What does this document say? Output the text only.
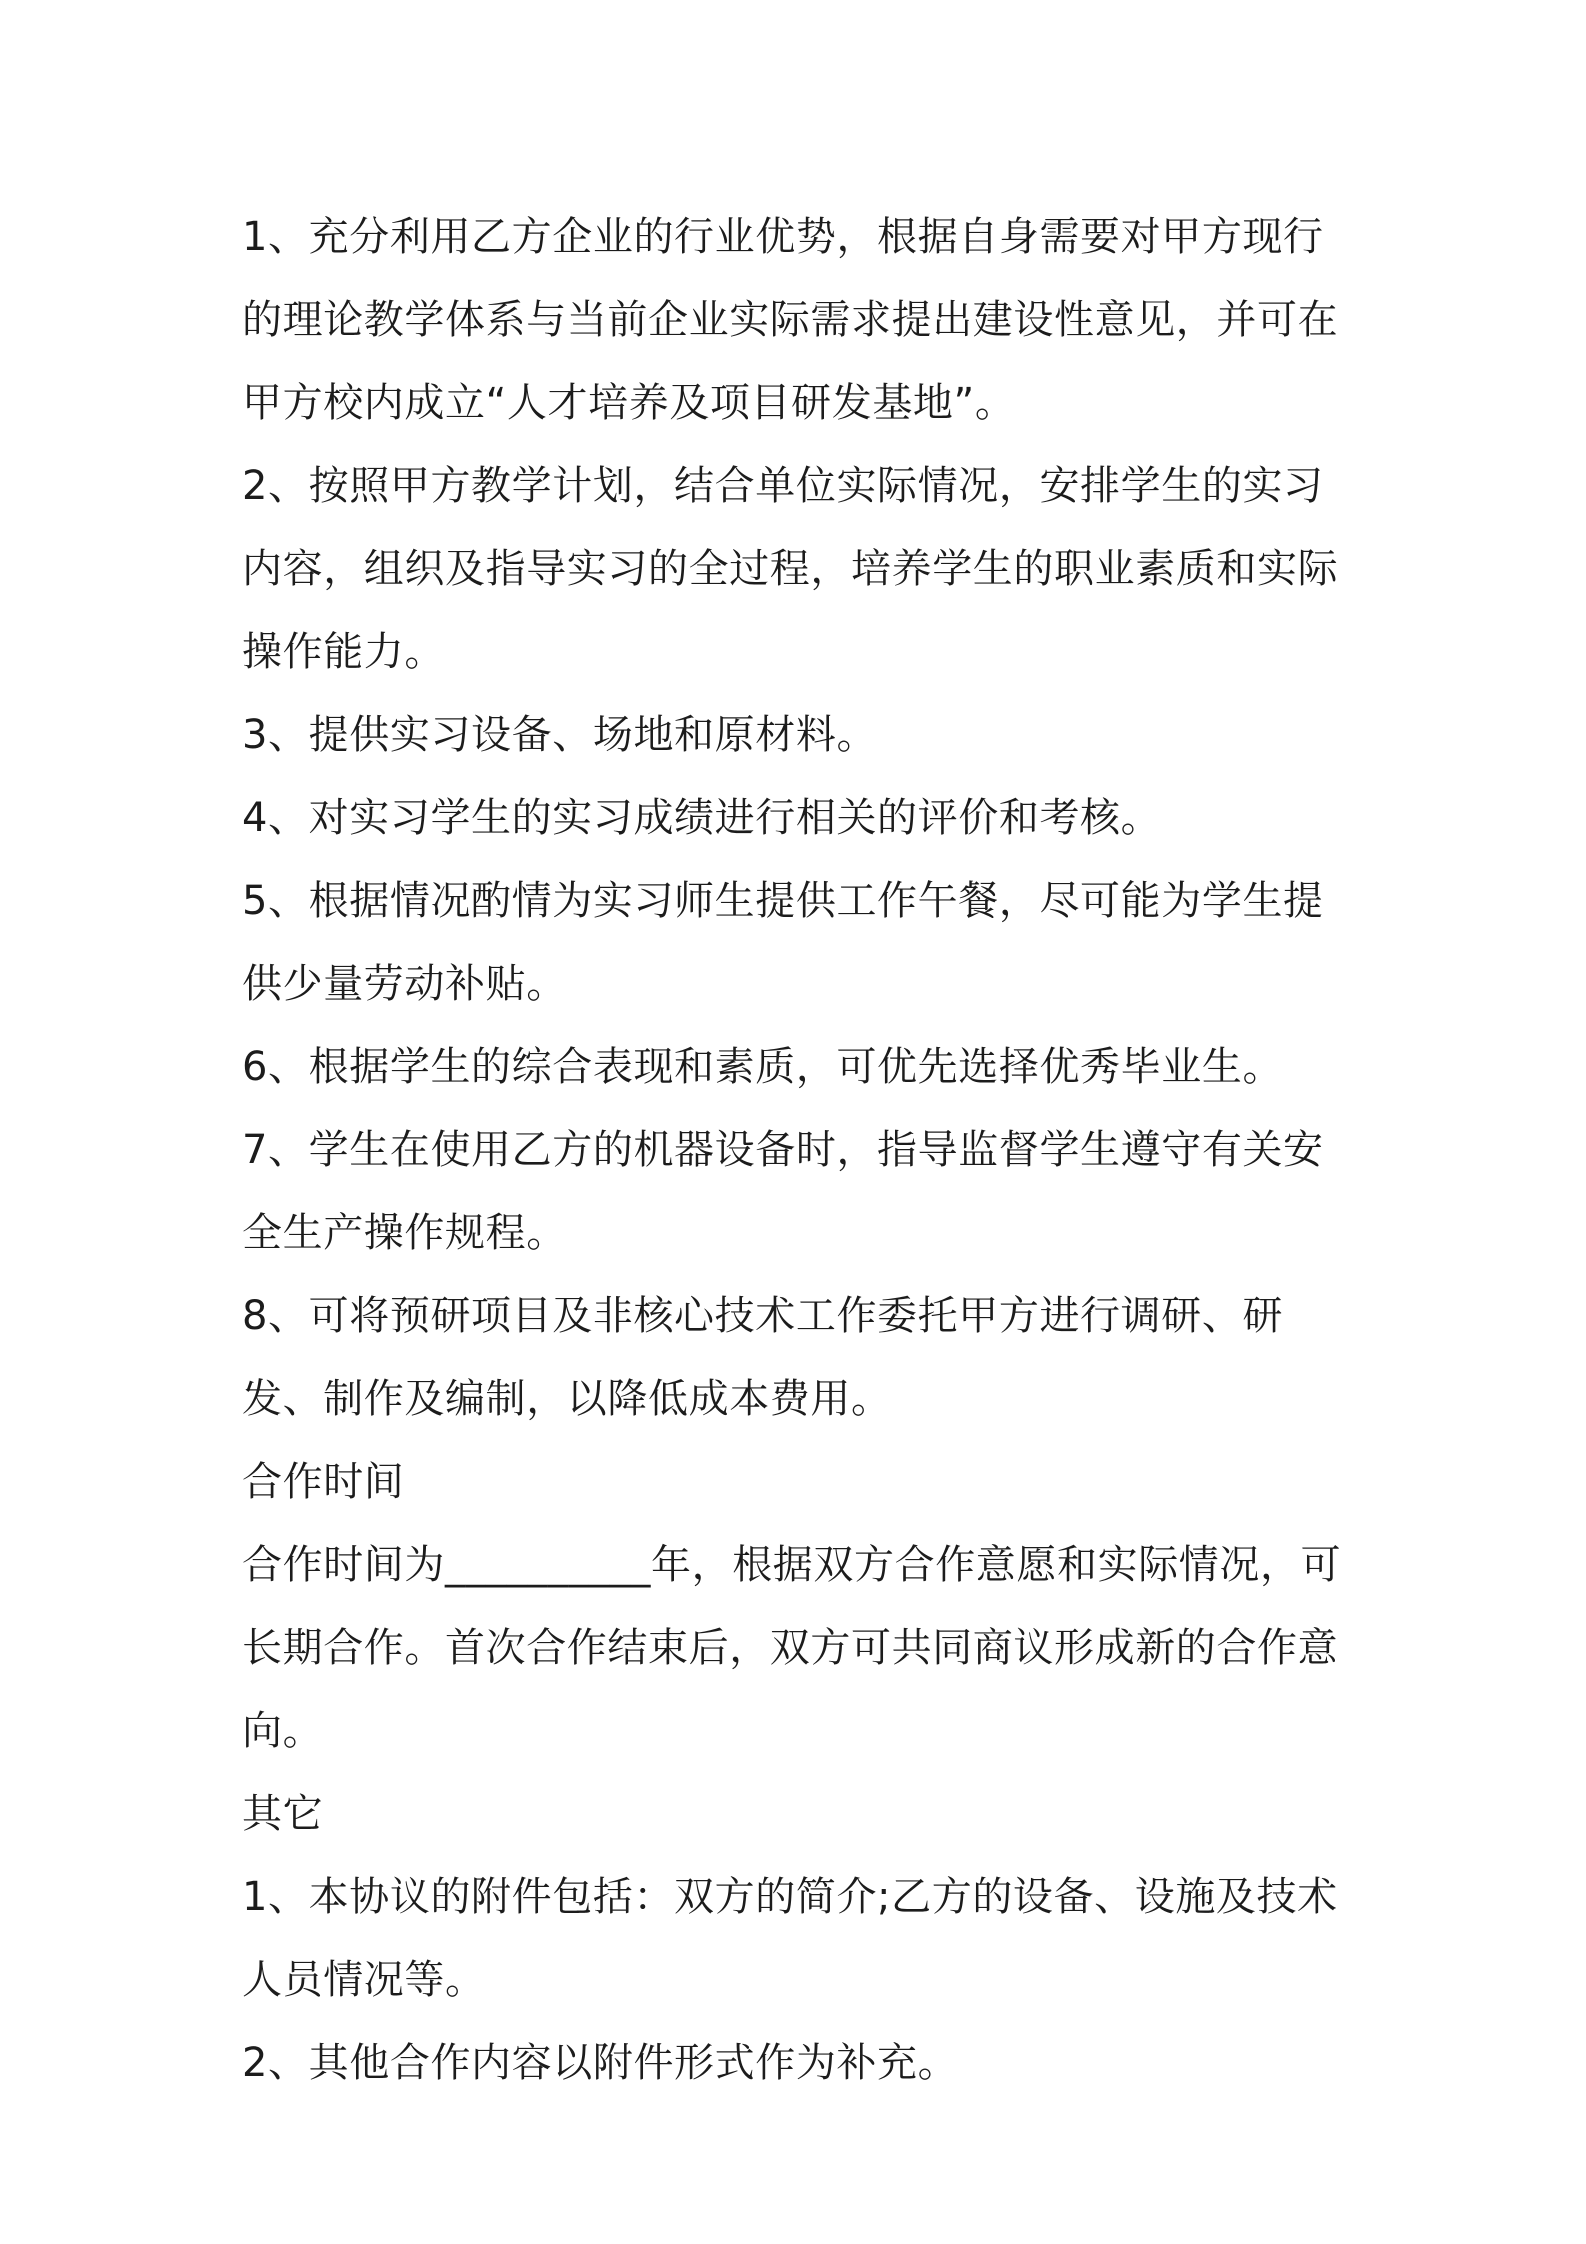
1、充分利用乙方企业的行业优势，根据自身需要对甲方现行的理论教学体系与当前企业实际需求提出建设性意见，并可在甲方校内成立“人才培养及项目研发基地”。

2、按照甲方教学计划，结合单位实际情况，安排学生的实习内容，组织及指导实习的全过程，培养学生的职业素质和实际操作能力。

3、提供实习设备、场地和原材料。

4、对实习学生的实习成绩进行相关的评价和考核。

5、根据情况酌情为实习师生提供工作午餐，尽可能为学生提供少量劳动补贴。

6、根据学生的综合表现和素质，可优先选择优秀毕业生。

7、学生在使用乙方的机器设备时，指导监督学生遵守有关安全生产操作规程。

8、可将预研项目及非核心技术工作委托甲方进行调研、研发、制作及编制，以降低成本费用。

合作时间

合作时间为__________年，根据双方合作意愿和实际情况，可长期合作。首次合作结束后，双方可共同商议形成新的合作意向。

其它

1、本协议的附件包括：双方的简介;乙方的设备、设施及技术人员情况等。

2、其他合作内容以附件形式作为补充。
